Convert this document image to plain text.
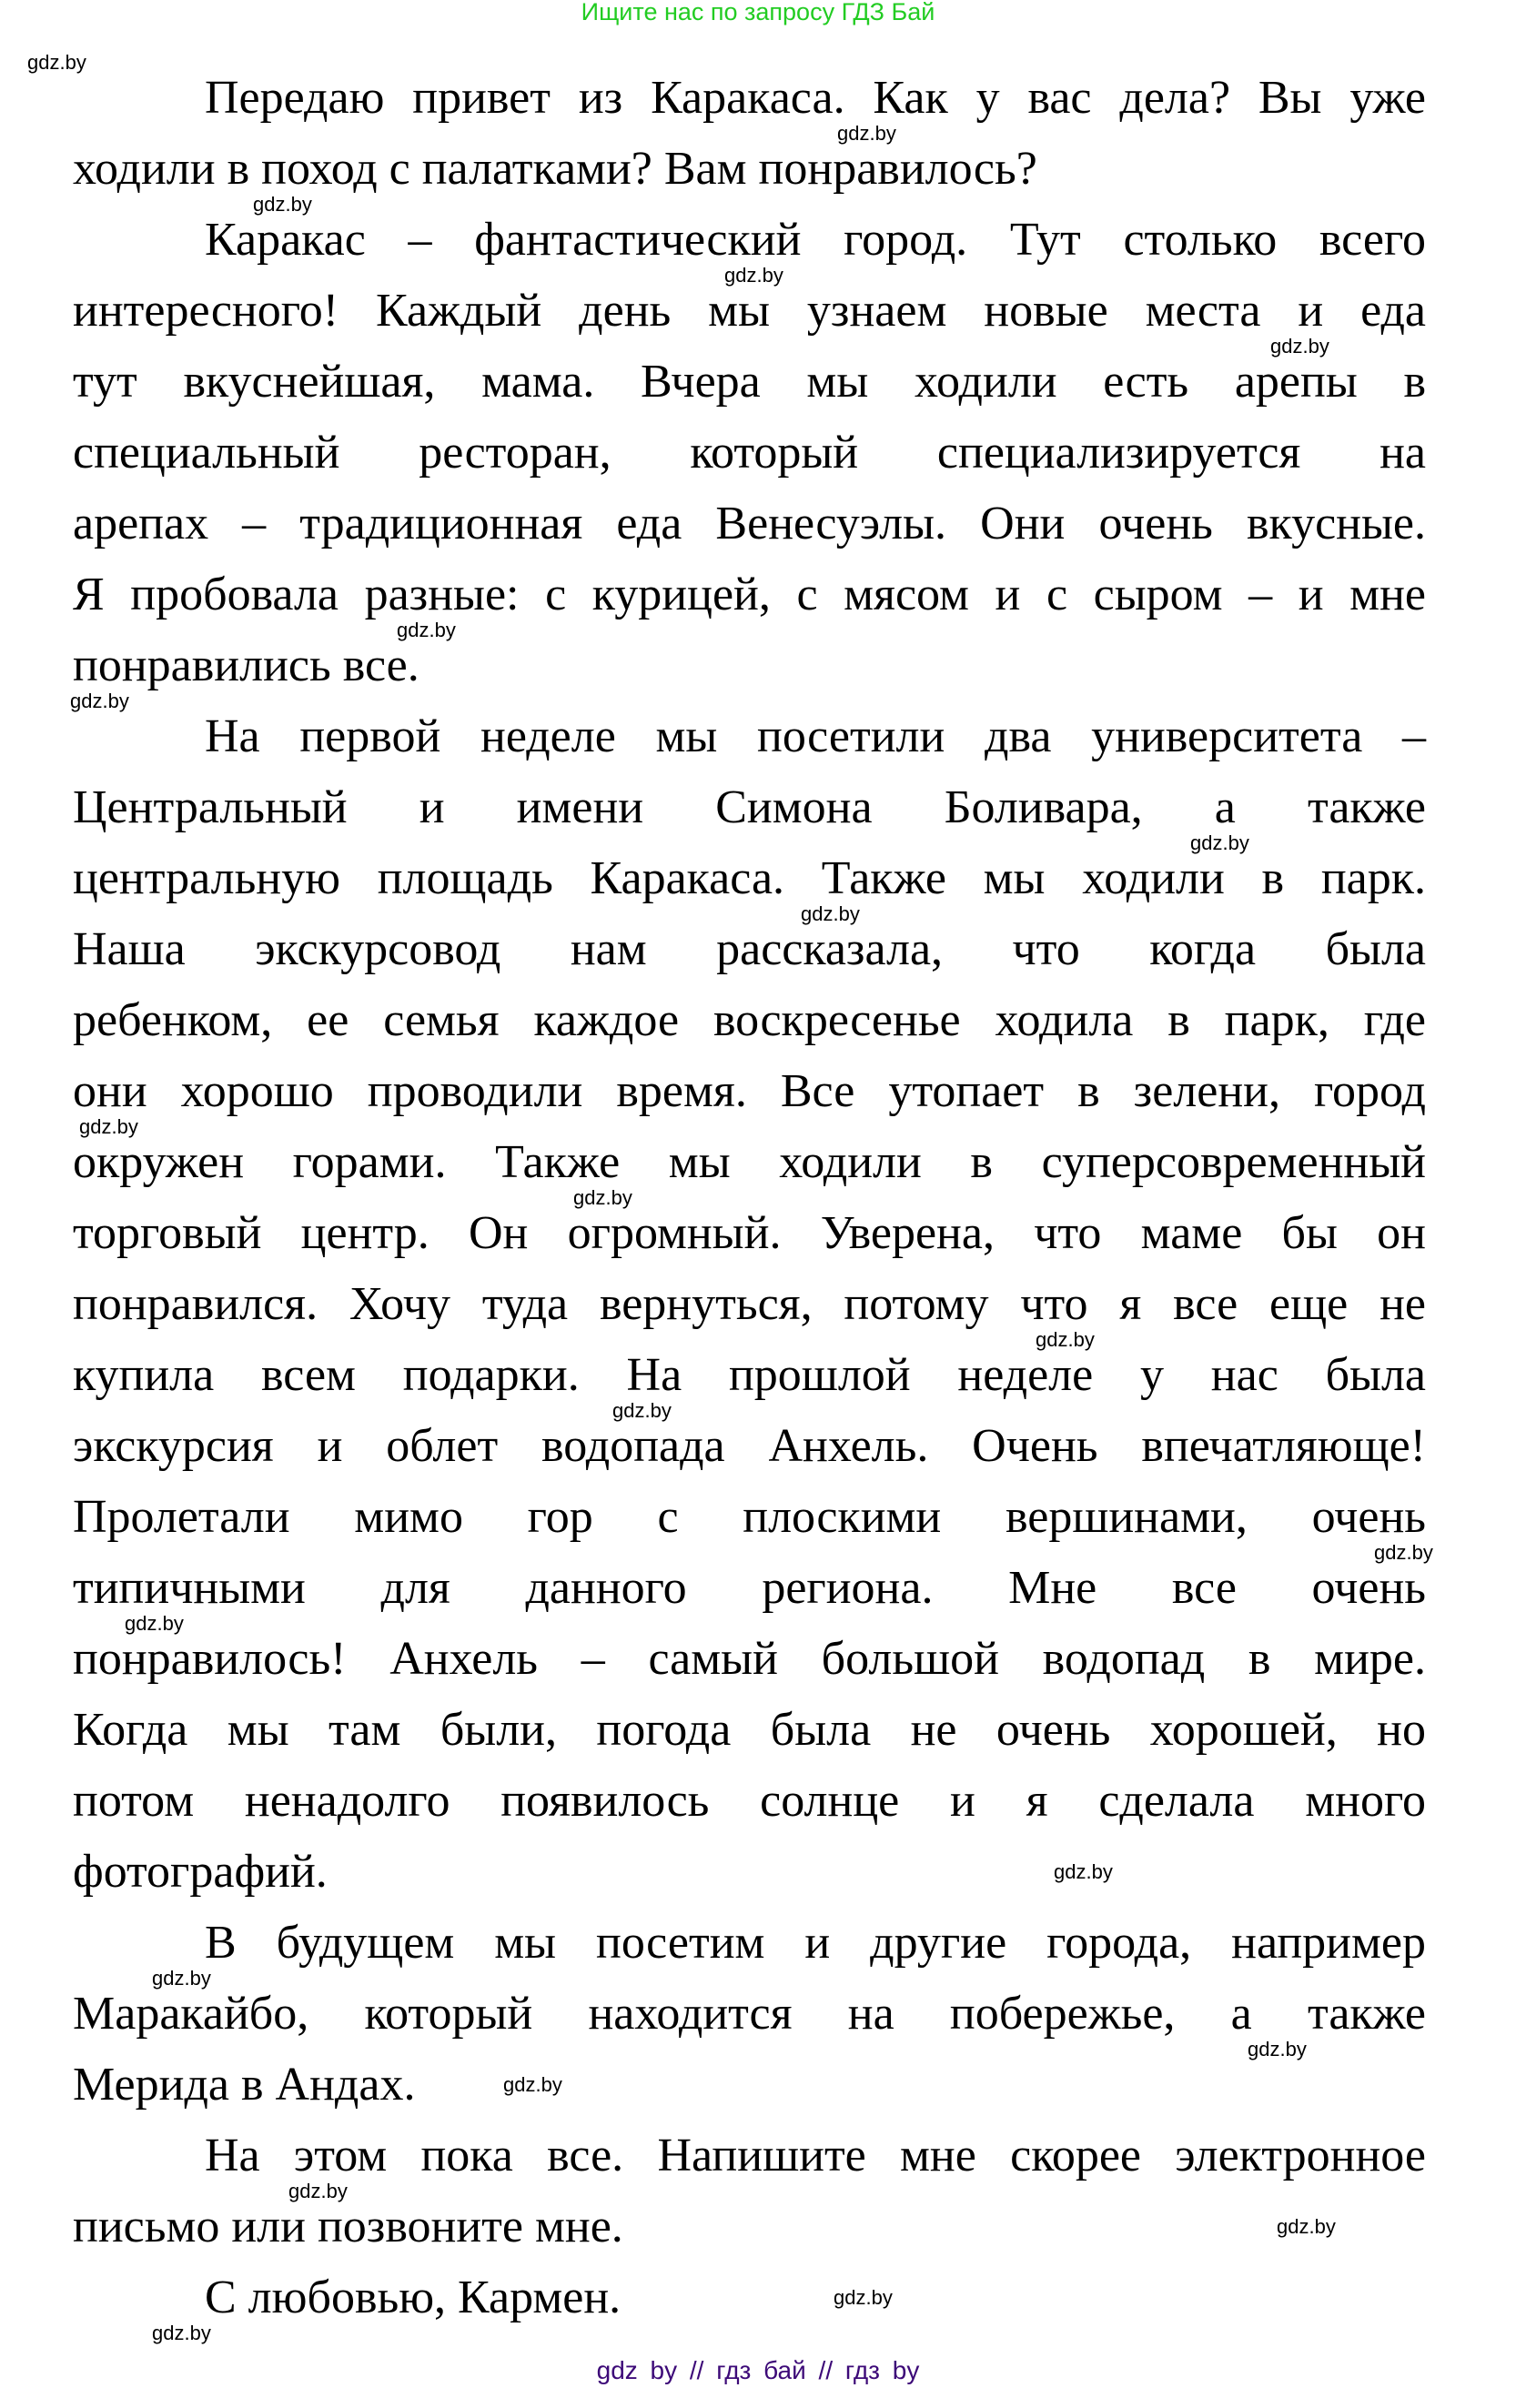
Ищите нас по запросу ГДЗ Бай
Передаю привет из Каракаса. Как у вас дела? Вы уже
ходили в поход с палатками? Вам понравилось?
Каракас – фантастический город. Тут столько всего
интересного! Каждый день мы узнаем новые места и еда
тут вкуснейшая, мама. Вчера мы ходили есть арепы в
специальный ресторан, который специализируется на
арепах – традиционная еда Венесуэлы. Они очень вкусные.
Я пробовала разные: с курицей, с мясом и с сыром – и мне
понравились все.
На первой неделе мы посетили два университета –
Центральный и имени Симона Боливара, а также
центральную площадь Каракаса. Также мы ходили в парк.
Наша экскурсовод нам рассказала, что когда была
ребенком, ее семья каждое воскресенье ходила в парк, где
они хорошо проводили время. Все утопает в зелени, город
окружен горами. Также мы ходили в суперсовременный
торговый центр. Он огромный. Уверена, что маме бы он
понравился. Хочу туда вернуться, потому что я все еще не
купила всем подарки. На прошлой неделе у нас была
экскурсия и облет водопада Анхель. Очень впечатляюще!
Пролетали мимо гор с плоскими вершинами, очень
типичными для данного региона. Мне все очень
понравилось! Анхель – самый большой водопад в мире.
Когда мы там были, погода была не очень хорошей, но
потом ненадолго появилось солнце и я сделала много
фотографий.
В будущем мы посетим и другие города, например
Маракайбо, который находится на побережье, а также
Мерида в Андах.
На этом пока все. Напишите мне скорее электронное
письмо или позвоните мне.
С любовью, Кармен.
gdz.by
gdz.by
gdz.by
gdz.by
gdz.by
gdz.by
gdz.by
gdz.by
gdz.by
gdz.by
gdz.by
gdz.by
gdz.by
gdz.by
gdz.by
gdz.by
gdz.by
gdz.by
gdz.by
gdz.by
gdz.by
gdz.by
gdz.by
gdz by // гдз бай // гдз by
